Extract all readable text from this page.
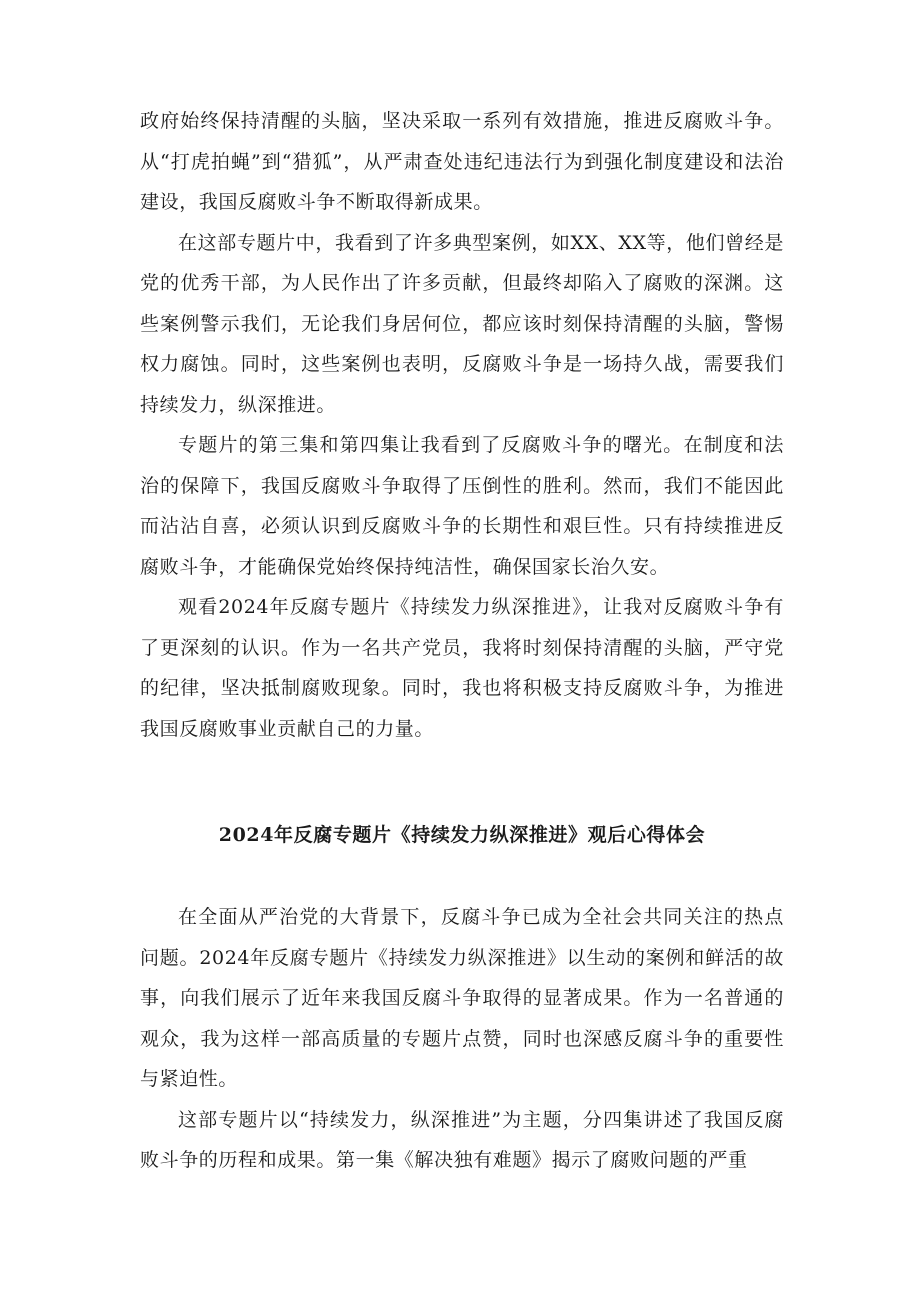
政府始终保持清醒的头脑，坚决采取一系列有效措施，推进反腐败斗争。从“打虎拍蝇”到“猎狐”，从严肃查处违纪违法行为到强化制度建设和法治建设，我国反腐败斗争不断取得新成果。

在这部专题片中，我看到了许多典型案例，如XX、XX等，他们曾经是党的优秀干部，为人民作出了许多贡献，但最终却陷入了腐败的深渊。这些案例警示我们，无论我们身居何位，都应该时刻保持清醒的头脑，警惕权力腐蚀。同时，这些案例也表明，反腐败斗争是一场持久战，需要我们持续发力，纵深推进。

专题片的第三集和第四集让我看到了反腐败斗争的曙光。在制度和法治的保障下，我国反腐败斗争取得了压倒性的胜利。然而，我们不能因此而沾沾自喜，必须认识到反腐败斗争的长期性和艰巨性。只有持续推进反腐败斗争，才能确保党始终保持纯洁性，确保国家长治久安。

观看2024年反腐专题片《持续发力纵深推进》，让我对反腐败斗争有了更深刻的认识。作为一名共产党员，我将时刻保持清醒的头脑，严守党的纪律，坚决抵制腐败现象。同时，我也将积极支持反腐败斗争，为推进我国反腐败事业贡献自己的力量。

2024年反腐专题片《持续发力纵深推进》观后心得体会

在全面从严治党的大背景下，反腐斗争已成为全社会共同关注的热点问题。2024年反腐专题片《持续发力纵深推进》以生动的案例和鲜活的故事，向我们展示了近年来我国反腐斗争取得的显著成果。作为一名普通的观众，我为这样一部高质量的专题片点赞，同时也深感反腐斗争的重要性与紧迫性。

这部专题片以“持续发力，纵深推进”为主题，分四集讲述了我国反腐败斗争的历程和成果。第一集《解决独有难题》揭示了腐败问题的严重
